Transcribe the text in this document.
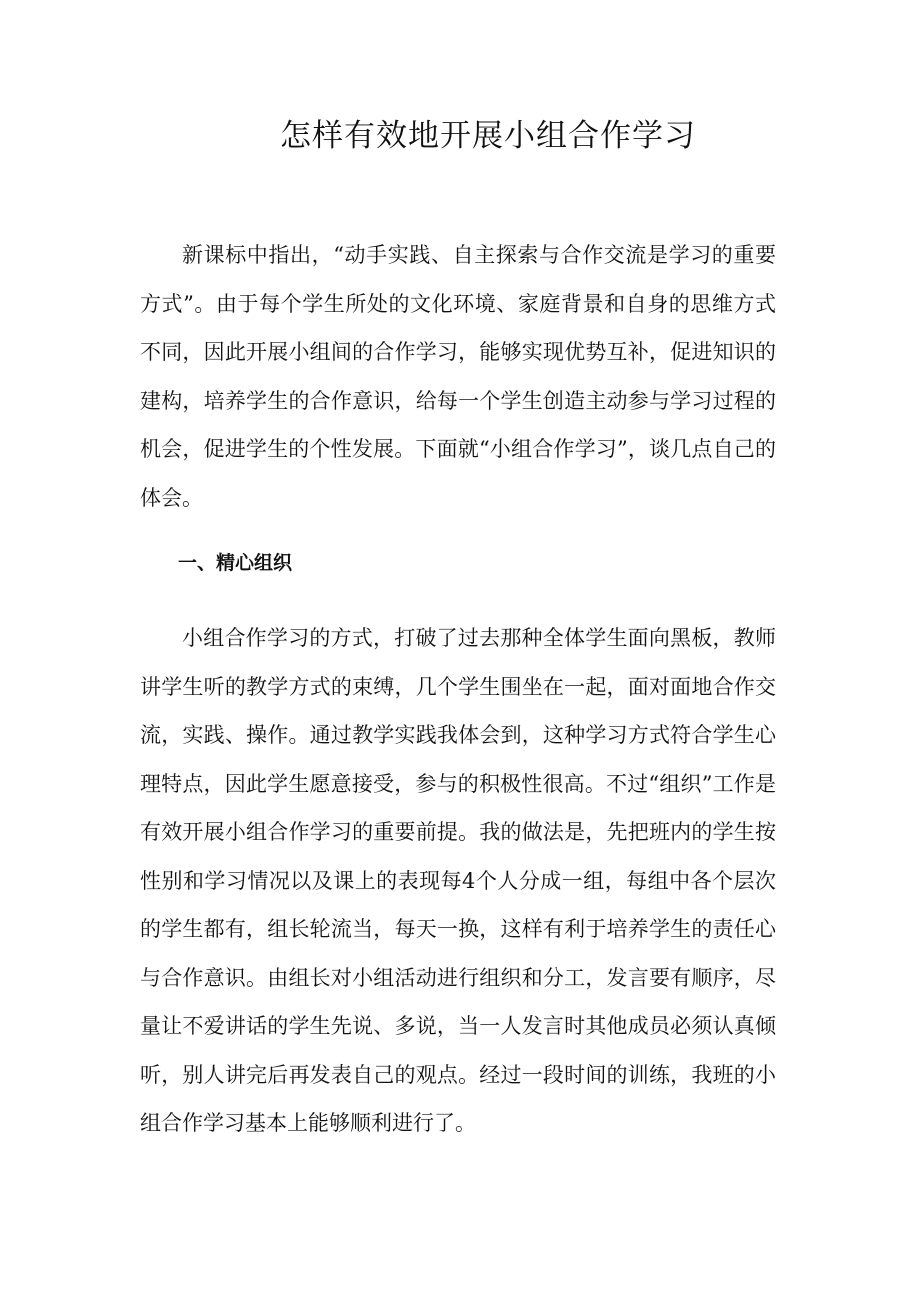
怎样有效地开展小组合作学习

新课标中指出，“动手实践、自主探索与合作交流是学习的重要方式”。由于每个学生所处的文化环境、家庭背景和自身的思维方式不同，因此开展小组间的合作学习，能够实现优势互补，促进知识的建构，培养学生的合作意识，给每一个学生创造主动参与学习过程的机会，促进学生的个性发展。下面就“小组合作学习”，谈几点自己的体会。

一、精心组织

小组合作学习的方式，打破了过去那种全体学生面向黑板，教师讲学生听的教学方式的束缚，几个学生围坐在一起，面对面地合作交流，实践、操作。通过教学实践我体会到，这种学习方式符合学生心理特点，因此学生愿意接受，参与的积极性很高。不过“组织”工作是有效开展小组合作学习的重要前提。我的做法是，先把班内的学生按性别和学习情况以及课上的表现每4个人分成一组，每组中各个层次的学生都有，组长轮流当，每天一换，这样有利于培养学生的责任心与合作意识。由组长对小组活动进行组织和分工，发言要有顺序，尽量让不爱讲话的学生先说、多说，当一人发言时其他成员必须认真倾听，别人讲完后再发表自己的观点。经过一段时间的训练，我班的小组合作学习基本上能够顺利进行了。
